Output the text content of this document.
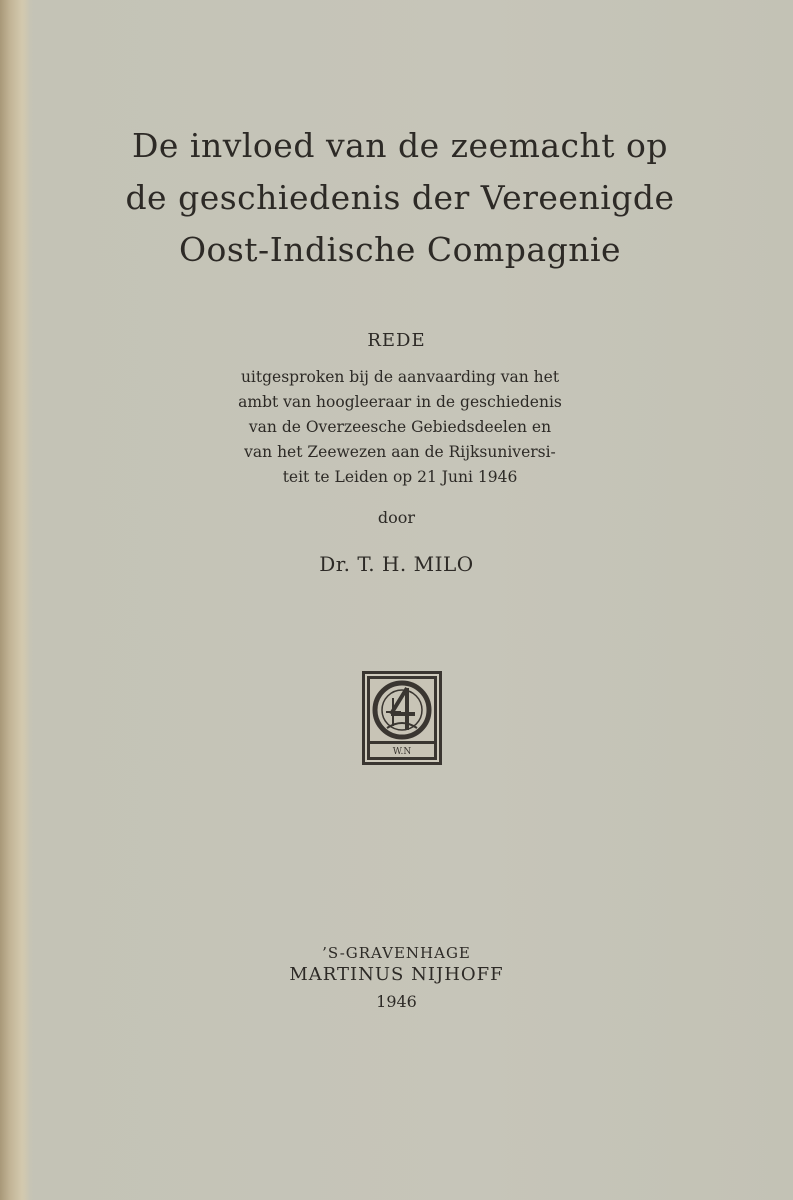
De invloed van de zeemacht op
de geschiedenis der Vereenigde
Oost-Indische Compagnie
REDE
uitgesproken bij de aanvaarding van het
ambt van hoogleeraar in de geschiedenis
van de Overzeesche Gebiedsdeelen en
van het Zeewezen aan de Rijksuniversi-
teit te Leiden op 21 Juni 1946
door
Dr. T. H. MILO
W.N
’S-GRAVENHAGE
MARTINUS NIJHOFF
1946
